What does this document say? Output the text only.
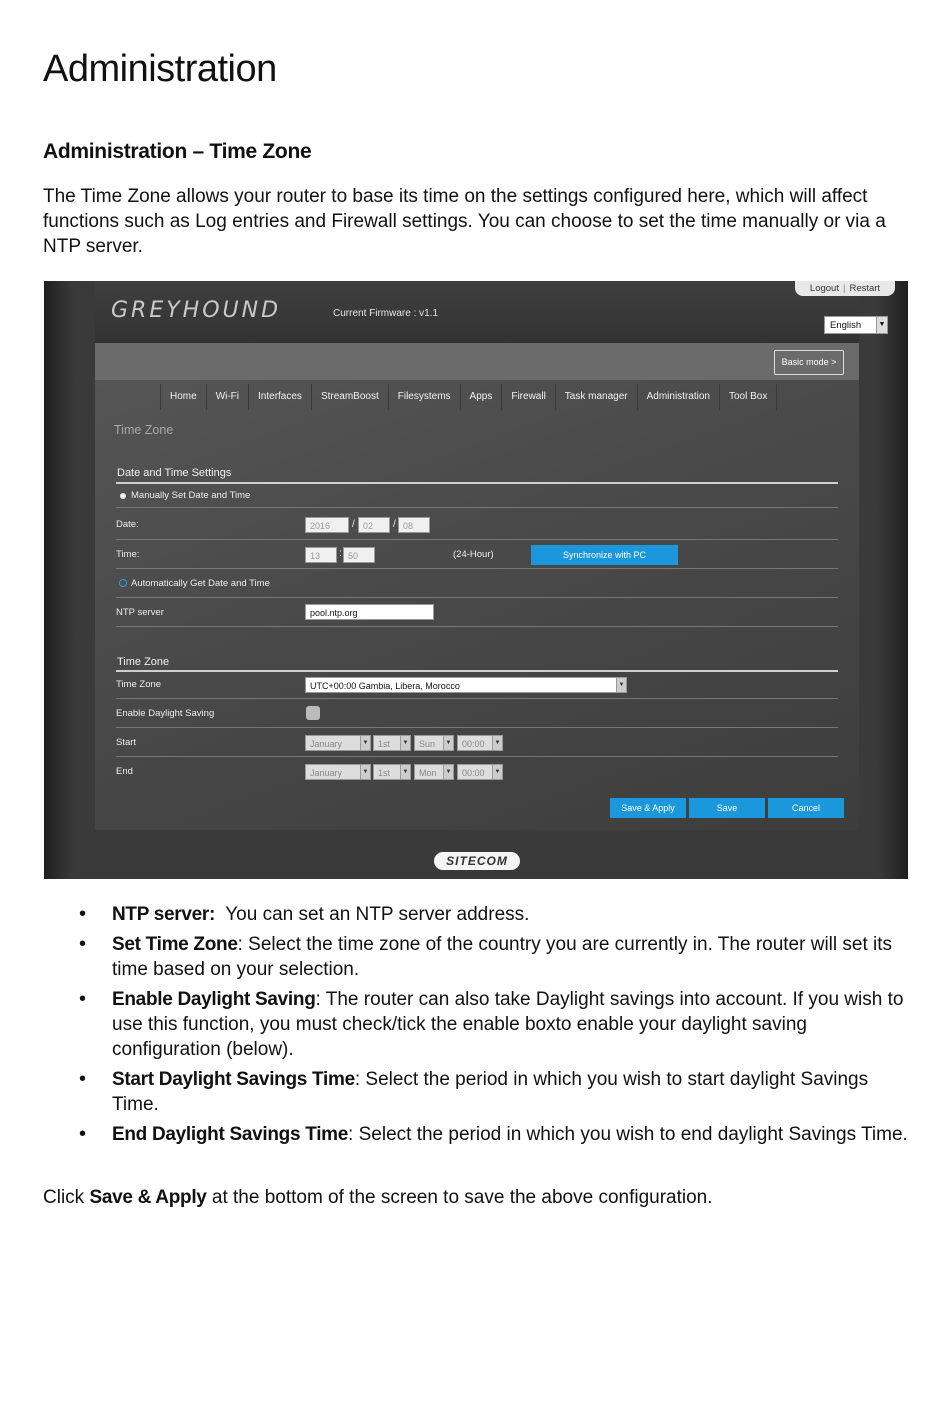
Administration
Administration – Time Zone

The Time Zone allows your router to base its time on the settings configured here, which will affect functions such as Log entries and Firewall settings. You can choose to set the time manually or via a NTP server.

GREYHOUND	Current Firmware : v1.1
Logout | Restart
English	▼
Basic mode >
Home	Wi-Fi	Interfaces	StreamBoost	Filesystems	Apps	Firewall	Task manager	Administration	Tool Box
Time Zone
Date and Time Settings
Manually Set Date and Time
Date:	2016	/ 02	/ 08
Time:	13	: 50	(24-Hour)	Synchronize with PC
Automatically Get Date and Time
NTP server	pool.ntp.org
Time Zone
Time Zone	UTC+00:00 Gambia, Libera, Morocco	▼
Enable Daylight Saving
Start	January	▼	1st	▼	Sun	▼	00:00	▼
End	January	▼	1st	▼	Mon	▼	00:00	▼
Save & Apply	Save	Cancel
SITECOM
• NTP server:  You can set an NTP server address.
• Set Time Zone: Select the time zone of the country you are currently in. The router will set its time based on your selection.
• Enable Daylight Saving: The router can also take Daylight savings into account. If you wish to use this function, you must check/tick the enable boxto enable your daylight saving configuration (below).
• Start Daylight Savings Time: Select the period in which you wish to start daylight Savings Time.
• End Daylight Savings Time: Select the period in which you wish to end daylight Savings Time.

Click Save & Apply at the bottom of the screen to save the above configuration.
